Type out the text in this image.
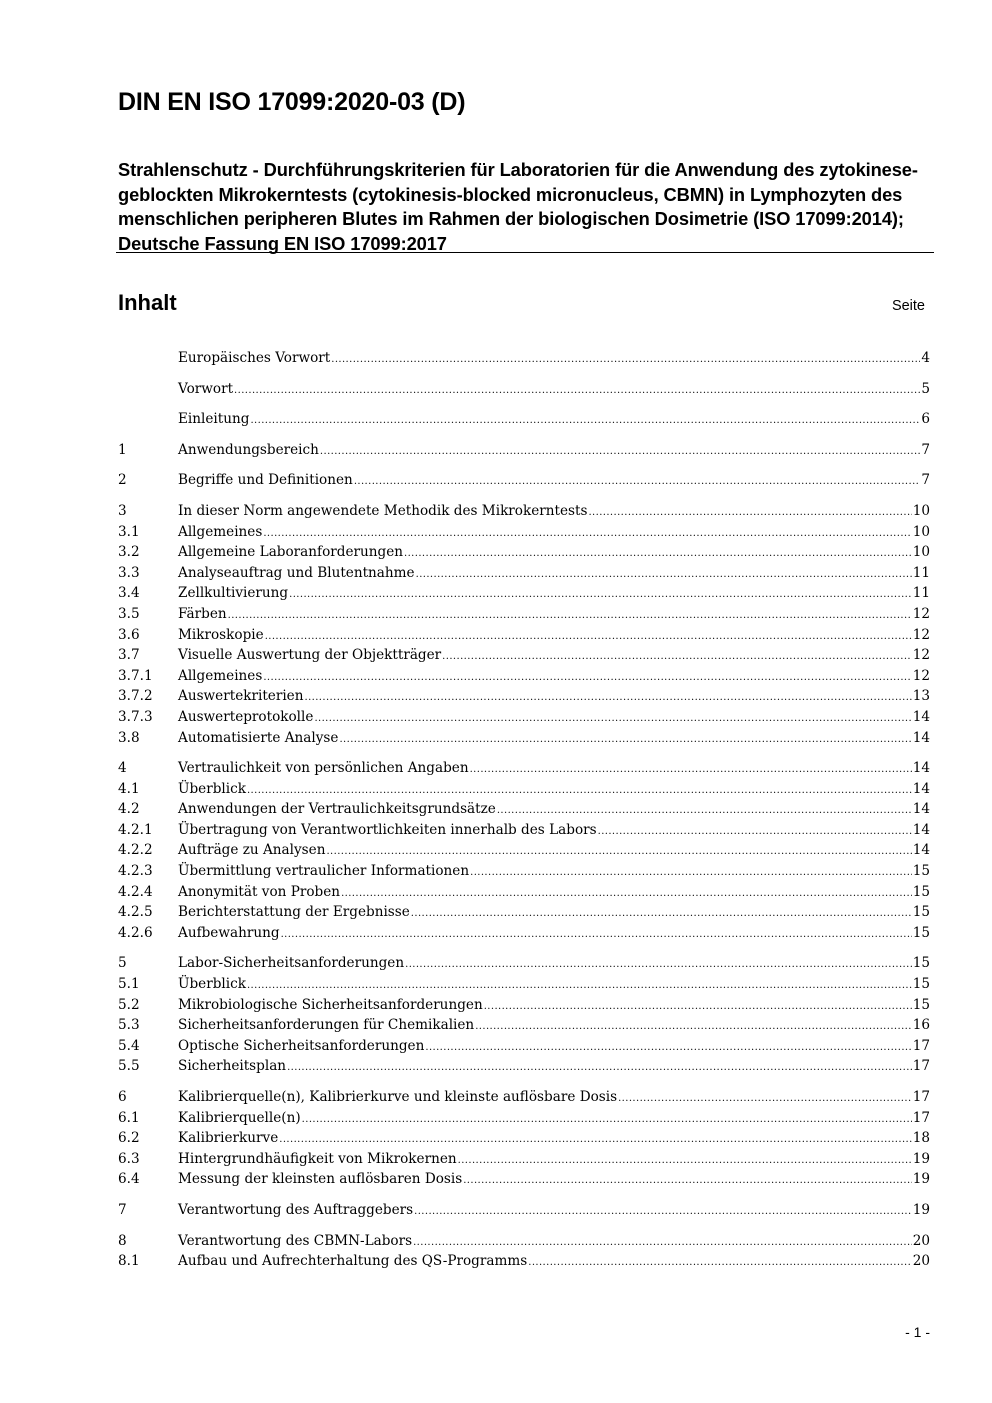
DIN EN ISO 17099:2020-03 (D)
Strahlenschutz - Durchführungskriterien für Laboratorien für die Anwendung des zytokinese-geblockten Mikrokerntests (cytokinesis-blocked micronucleus, CBMN) in Lymphozyten des menschlichen peripheren Blutes im Rahmen der biologischen Dosimetrie (ISO 17099:2014); Deutsche Fassung EN ISO 17099:2017
Inhalt	Seite
Europäisches Vorwort .....	4
Vorwort .....	5
Einleitung .....	6
1	Anwendungsbereich .....	7
2	Begriffe und Definitionen .....	7
3	In dieser Norm angewendete Methodik des Mikrokerntests .....	10
3.1	Allgemeines .....	10
3.2	Allgemeine Laboranforderungen .....	10
3.3	Analyseauftrag und Blutentnahme .....	11
3.4	Zellkultivierung .....	11
3.5	Färben .....	12
3.6	Mikroskopie .....	12
3.7	Visuelle Auswertung der Objektträger .....	12
3.7.1	Allgemeines .....	12
3.7.2	Auswertekriterien .....	13
3.7.3	Auswerteprotokolle .....	14
3.8	Automatisierte Analyse .....	14
4	Vertraulichkeit von persönlichen Angaben .....	14
4.1	Überblick .....	14
4.2	Anwendungen der Vertraulichkeitsgrundsätze .....	14
4.2.1	Übertragung von Verantwortlichkeiten innerhalb des Labors .....	14
4.2.2	Aufträge zu Analysen .....	14
4.2.3	Übermittlung vertraulicher Informationen .....	15
4.2.4	Anonymität von Proben .....	15
4.2.5	Berichterstattung der Ergebnisse .....	15
4.2.6	Aufbewahrung .....	15
5	Labor-Sicherheitsanforderungen .....	15
5.1	Überblick .....	15
5.2	Mikrobiologische Sicherheitsanforderungen .....	15
5.3	Sicherheitsanforderungen für Chemikalien .....	16
5.4	Optische Sicherheitsanforderungen .....	17
5.5	Sicherheitsplan .....	17
6	Kalibrierquelle(n), Kalibrierkurve und kleinste auflösbare Dosis .....	17
6.1	Kalibrierquelle(n) .....	17
6.2	Kalibrierkurve .....	18
6.3	Hintergrundhäufigkeit von Mikrokernen .....	19
6.4	Messung der kleinsten auflösbaren Dosis .....	19
7	Verantwortung des Auftraggebers .....	19
8	Verantwortung des CBMN-Labors .....	20
8.1	Aufbau und Aufrechterhaltung des QS-Programms .....	20
- 1 -
